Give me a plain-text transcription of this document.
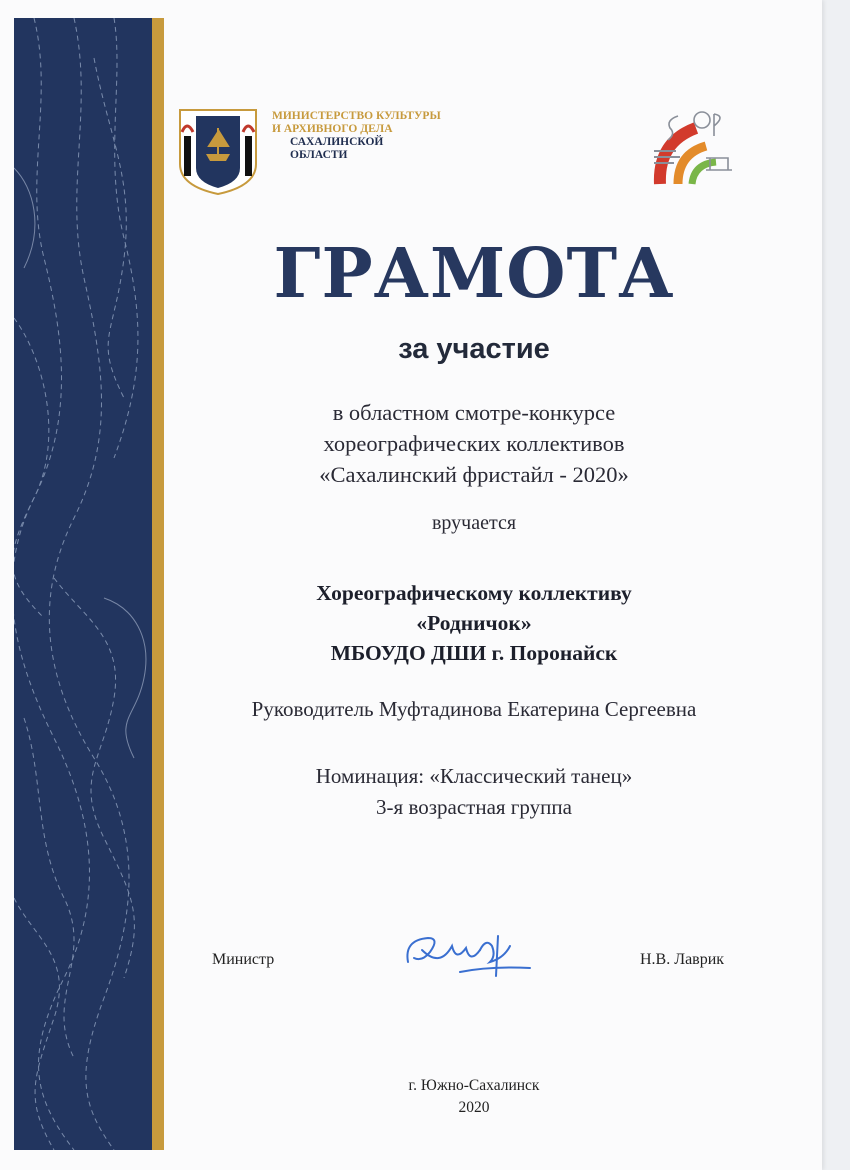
МИНИСТЕРСТВО КУЛЬТУРЫ
И АРХИВНОГО ДЕЛА
САХАЛИНСКОЙ
ОБЛАСТИ
ГРАМОТА
за участие
в областном смотре-конкурсе
хореографических коллективов
«Сахалинский фристайл - 2020»
вручается
Хореографическому коллективу
«Родничок»
МБОУДО ДШИ г. Поронайск
Руководитель Муфтадинова Екатерина Сергеевна
Номинация: «Классический танец»
3-я возрастная группа
Министр	Н.В. Лаврик
г. Южно-Сахалинск
2020
